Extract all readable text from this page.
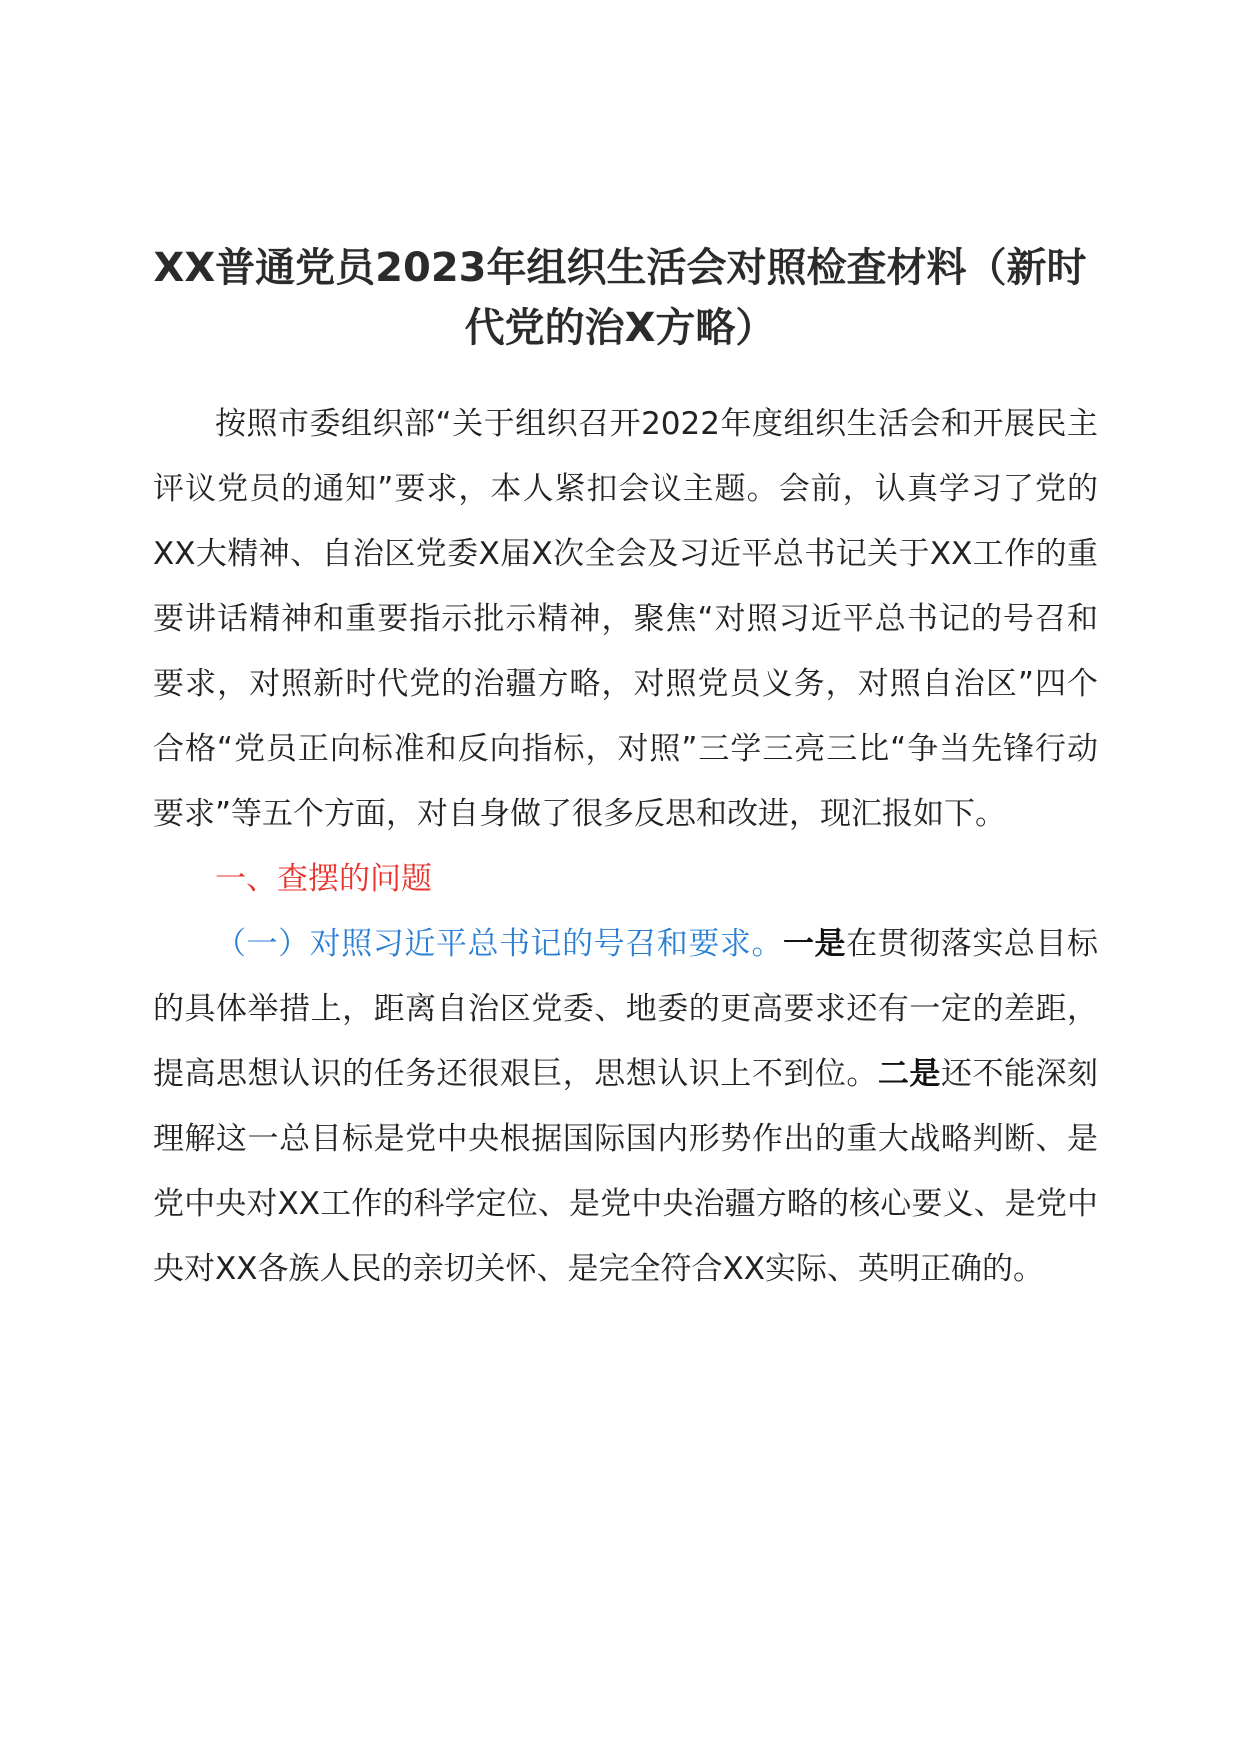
XX普通党员2023年组织生活会对照检查材料（新时代党的治X方略）

按照市委组织部“关于组织召开2022年度组织生活会和开展民主评议党员的通知”要求，本人紧扣会议主题。会前，认真学习了党的XX大精神、自治区党委X届X次全会及习近平总书记关于XX工作的重要讲话精神和重要指示批示精神，聚焦“对照习近平总书记的号召和要求，对照新时代党的治疆方略，对照党员义务，对照自治区”四个合格“党员正向标准和反向指标，对照”三学三亮三比“争当先锋行动要求”等五个方面，对自身做了很多反思和改进，现汇报如下。

一、查摆的问题

（一）对照习近平总书记的号召和要求。一是在贯彻落实总目标的具体举措上，距离自治区党委、地委的更高要求还有一定的差距，提高思想认识的任务还很艰巨，思想认识上不到位。二是还不能深刻理解这一总目标是党中央根据国际国内形势作出的重大战略判断、是党中央对XX工作的科学定位、是党中央治疆方略的核心要义、是党中央对XX各族人民的亲切关怀、是完全符合XX实际、英明正确的。
